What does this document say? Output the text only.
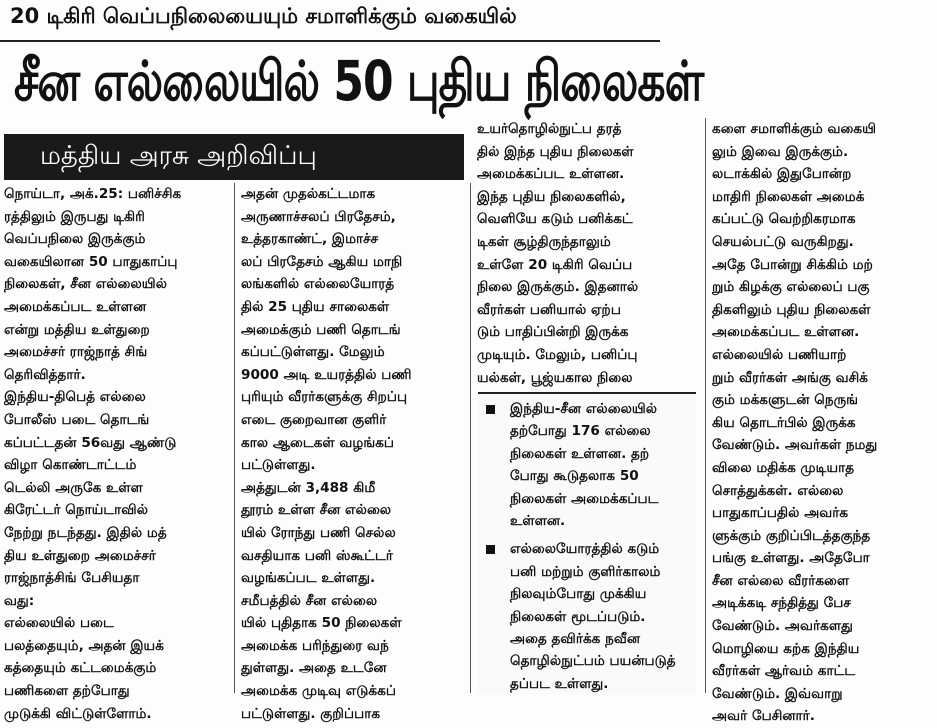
20 டிகிரி வெப்பநிலையையும் சமாளிக்கும் வகையில்
சீன எல்லையில் 50 புதிய நிலைகள்
மத்திய அரசு அறிவிப்பு
நொய்டா, அக்.25: பனிச்சிக
ரத்திலும் இருபது டிகிரி
வெப்பநிலை இருக்கும்
வகையிலான 50 பாதுகாப்பு
நிலைகள், சீன எல்லையில்
அமைக்கப்பட உள்ளன
என்று மத்திய உள்துறை
அமைச்சர் ராஜ்நாத் சிங்
தெரிவித்தார்.
இந்திய-திபெத் எல்லை
போலீஸ் படை தொடங்
கப்பட்டதன் 56வது ஆண்டு
விழா கொண்டாட்டம்
டெல்லி அருகே உள்ள
கிரேட்டர் நொய்டாவில்
நேற்று நடந்தது. இதில் மத்
திய உள்துறை அமைச்சர்
ராஜ்நாத்சிங் பேசியதா
வது:
எல்லையில் படை
பலத்தையும், அதன் இயக்
கத்தையும் கட்டமைக்கும்
பணிகளை தற்போது
முடுக்கி விட்டுள்ளோம்.
அதன் முதல்கட்டமாக
அருணாச்சலப் பிரதேசம்,
உத்தரகாண்ட், இமாச்ச
லப் பிரதேசம் ஆகிய மாநி
லங்களில் எல்லையோரத்
தில் 25 புதிய சாலைகள்
அமைக்கும் பணி தொடங்
கப்பட்டுள்ளது. மேலும்
9000 அடி உயரத்தில் பணி
புரியும் வீரர்களுக்கு சிறப்பு
எடை குறைவான குளிர்
கால ஆடைகள் வழங்கப்
பட்டுள்ளது.
அத்துடன் 3,488 கிமீ
தூரம் உள்ள சீன எல்லை
யில் ரோந்து பணி செல்ல
வசதியாக பனி ஸ்கூட்டர்
வழங்கப்பட உள்ளது.
சமீபத்தில் சீன எல்லை
யில் புதிதாக 50 நிலைகள்
அமைக்க பரிந்துரை வந்
துள்ளது. அதை உடனே
அமைக்க முடிவு எடுக்கப்
பட்டுள்ளது. குறிப்பாக
உயர்தொழில்நுட்ப தரத்
தில் இந்த புதிய நிலைகள்
அமைக்கப்பட உள்ளன.
இந்த புதிய நிலைகளில்,
வெளியே கடும் பனிக்கட்
டிகள் சூழ்திருந்தாலும்
உள்ளே 20 டிகிரி வெப்ப
நிலை இருக்கும். இதனால்
வீரர்கள் பனியால் ஏற்ப
டும் பாதிப்பின்றி இருக்க
முடியும். மேலும், பனிப்பு
யல்கள், பூஜ்யகால நிலை
களை சமாளிக்கும் வகையி
லும் இவை இருக்கும்.
லடாக்கில் இதுபோன்ற
மாதிரி நிலைகள் அமைக்
கப்பட்டு வெற்றிகரமாக
செயல்பட்டு வருகிறது.
அதே போன்று சிக்கிம் மற்
றும் கிழக்கு எல்லைப் பகு
திகளிலும் புதிய நிலைகள்
அமைக்கப்பட உள்ளன.
எல்லையில் பணியாற்
றும் வீரர்கள் அங்கு வசிக்
கும் மக்களுடன் நெருங்
கிய தொடர்பில் இருக்க
வேண்டும். அவர்கள் நமது
விலை மதிக்க முடியாத
சொத்துக்கள். எல்லை
பாதுகாப்பதில் அவர்க
ளுக்கும் குறிப்பிடத்தகுந்த
பங்கு உள்ளது. அதேபோ
சீன எல்லை வீரர்களை
அடிக்கடி சந்தித்து பேச
வேண்டும். அவர்களது
மொழியை கற்க இந்திய
வீரர்கள் ஆர்வம் காட்ட
வேண்டும். இவ்வாறு
அவர் பேசினார்.
இந்திய-சீன எல்லையில்
தற்போது 176 எல்லை
நிலைகள் உள்ளன. தற்
போது கூடுதலாக 50
நிலைகள் அமைக்கப்பட
உள்ளன.
எல்லையோரத்தில் கடும்
பனி மற்றும் குளிர்காலம்
நிலவும்போது முக்கிய
நிலைகள் மூடப்படும்.
அதை தவிர்க்க நவீன
தொழில்நுட்பம் பயன்படுத்
தப்பட உள்ளது.
